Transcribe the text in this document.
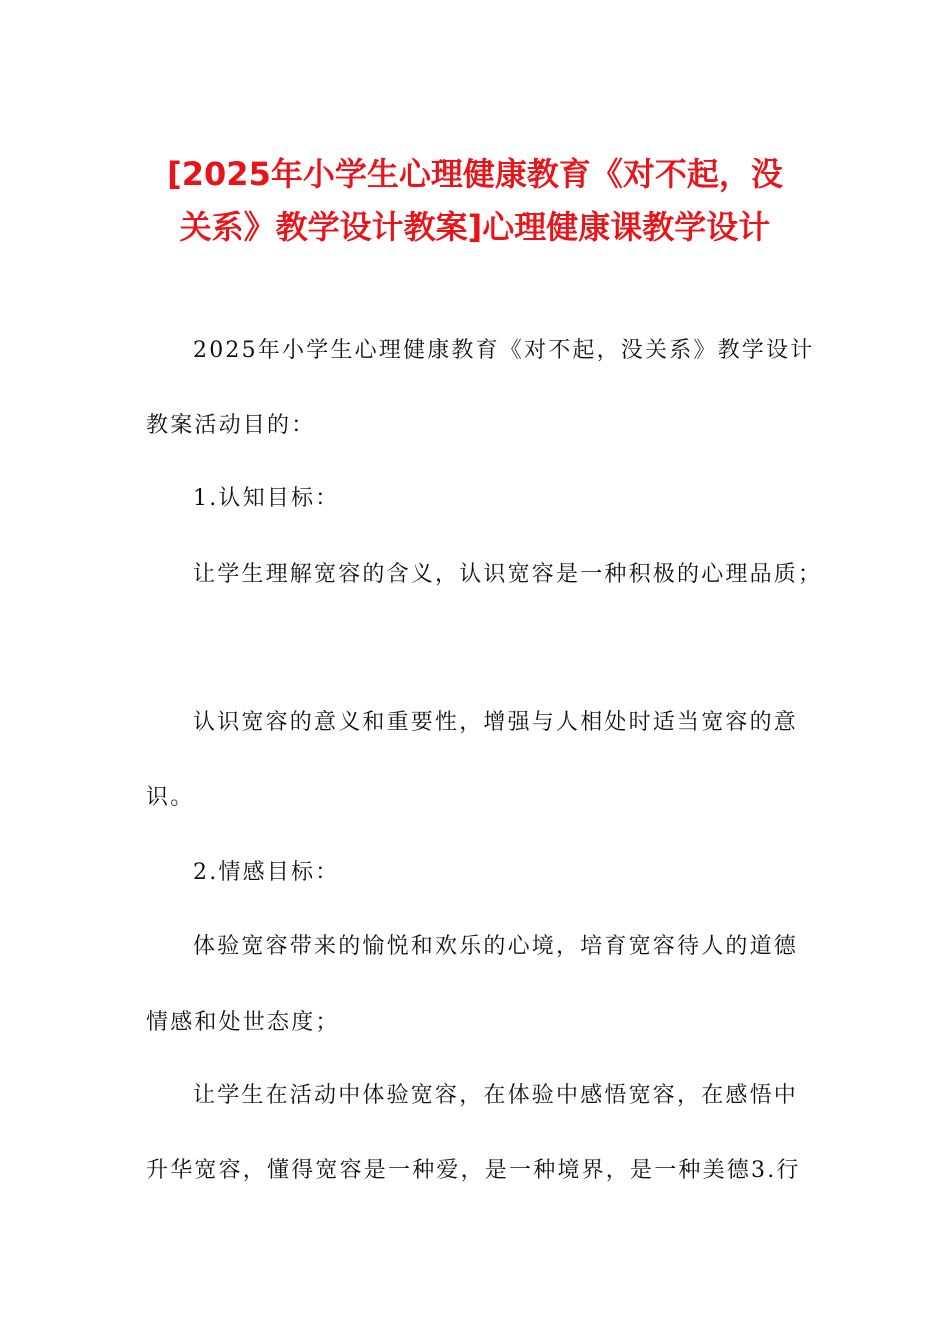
[2025年小学生心理健康教育《对不起，没
关系》教学设计教案]心理健康课教学设计
2025年小学生心理健康教育《对不起，没关系》教学设计
教案活动目的：
1.认知目标：
让学生理解宽容的含义，认识宽容是一种积极的心理品质；
认识宽容的意义和重要性，增强与人相处时适当宽容的意
识。
2.情感目标：
体验宽容带来的愉悦和欢乐的心境，培育宽容待人的道德
情感和处世态度；
让学生在活动中体验宽容，在体验中感悟宽容，在感悟中
升华宽容，懂得宽容是一种爱，是一种境界，是一种美德3.行
